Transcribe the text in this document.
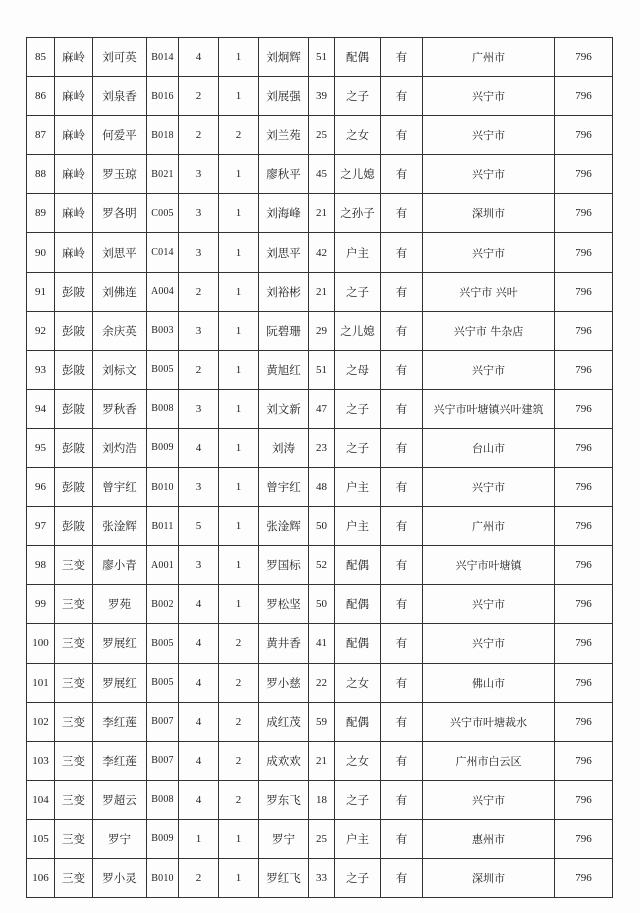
85	麻岭	刘可英	B014	4	1	刘炯辉	51	配偶	有	广州市	796
86	麻岭	刘泉香	B016	2	1	刘展强	39	之子	有	兴宁市	796
87	麻岭	何爱平	B018	2	2	刘兰苑	25	之女	有	兴宁市	796
88	麻岭	罗玉琼	B021	3	1	廖秋平	45	之儿媳	有	兴宁市	796
89	麻岭	罗各明	C005	3	1	刘海峰	21	之孙子	有	深圳市	796
90	麻岭	刘思平	C014	3	1	刘思平	42	户主	有	兴宁市	796
91	彭陂	刘佛连	A004	2	1	刘裕彬	21	之子	有	兴宁市 兴叶	796
92	彭陂	余庆英	B003	3	1	阮碧珊	29	之儿媳	有	兴宁市 牛杂店	796
93	彭陂	刘标文	B005	2	1	黄旭红	51	之母	有	兴宁市	796
94	彭陂	罗秋香	B008	3	1	刘文新	47	之子	有	兴宁市叶塘镇兴叶建筑	796
95	彭陂	刘灼浩	B009	4	1	刘涛	23	之子	有	台山市	796
96	彭陂	曾宇红	B010	3	1	曾宇红	48	户主	有	兴宁市	796
97	彭陂	张淦辉	B011	5	1	张淦辉	50	户主	有	广州市	796
98	三变	廖小青	A001	3	1	罗国标	52	配偶	有	兴宁市叶塘镇	796
99	三变	罗苑	B002	4	1	罗松坚	50	配偶	有	兴宁市	796
100	三变	罗展红	B005	4	2	黄井香	41	配偶	有	兴宁市	796
101	三变	罗展红	B005	4	2	罗小慈	22	之女	有	佛山市	796
102	三变	李红莲	B007	4	2	成红茂	59	配偶	有	兴宁市叶塘裁水	796
103	三变	李红莲	B007	4	2	成欢欢	21	之女	有	广州市白云区	796
104	三变	罗超云	B008	4	2	罗东飞	18	之子	有	兴宁市	796
105	三变	罗宁	B009	1	1	罗宁	25	户主	有	惠州市	796
106	三变	罗小灵	B010	2	1	罗红飞	33	之子	有	深圳市	796
